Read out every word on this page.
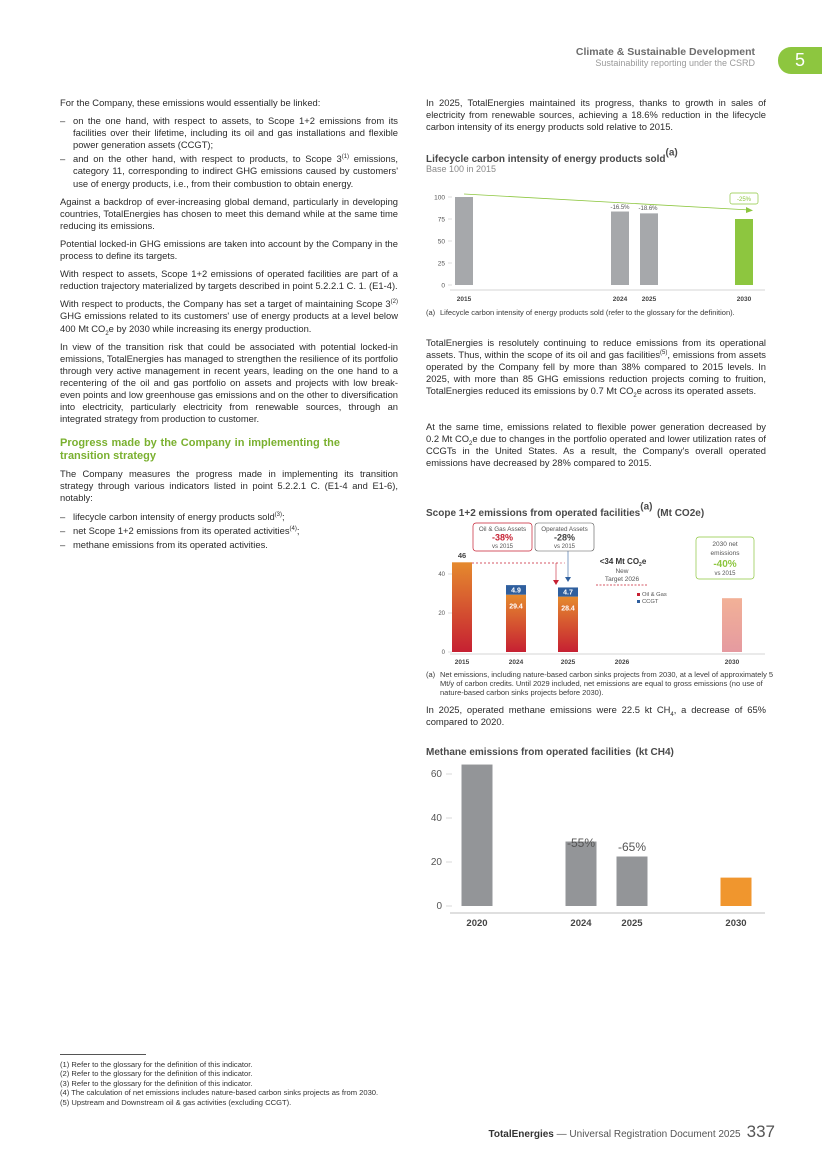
Climate & Sustainable Development
Sustainability reporting under the CSRD	5

For the Company, these emissions would essentially be linked:

– on the one hand, with respect to assets, to Scope 1+2 emissions from its facilities over their lifetime, including its oil and gas installations and flexible power generation assets (CCGT);
– and on the other hand, with respect to products, to Scope 3$^{(1)}$ emissions, category 11, corresponding to indirect GHG emissions caused by customers' use of energy products, i.e., from their combustion to obtain energy.

Against a backdrop of ever-increasing global demand, particularly in developing countries, TotalEnergies has chosen to meet this demand while at the same time reducing its emissions.

Potential locked-in GHG emissions are taken into account by the Company in the process to define its targets.

With respect to assets, Scope 1+2 emissions of operated facilities are part of a reduction trajectory materialized by targets described in point 5.2.2.1 C. 1. (E1-4).

With respect to products, the Company has set a target of maintaining Scope 3$^{(2)}$ GHG emissions related to its customers' use of energy products at a level below 400 Mt $CO_2e$ by 2030 while increasing its energy production.

In view of the transition risk that could be associated with potential locked-in emissions, TotalEnergies has managed to strengthen the resilience of its portfolio through very active management in recent years, leading on the one hand to a recentering of the oil and gas portfolio on assets and projects with low break-even points and low greenhouse gas emissions and on the other to diversification into electricity, particularly electricity from renewable sources, through an integrated strategy from production to customer.

Progress made by the Company in implementing the transition strategy

The Company measures the progress made in implementing its transition strategy through various indicators listed in point 5.2.2.1 C. (E1-4 and E1-6), notably:

– lifecycle carbon intensity of energy products sold$^{(3)}$;
– net Scope 1+2 emissions from its operated activities$^{(4)}$;
– methane emissions from its operated activities.
In 2025, TotalEnergies maintained its progress, thanks to growth in sales of electricity from renewable sources, achieving a 18.6% reduction in the lifecycle carbon intensity of its energy products sold relative to 2015.
Lifecycle carbon intensity of energy products sold$^{(a)}$
Base 100 in 2015
100
75
50
25
0
-16.5% -18.6%
-25%
2015	2024 2025	2030
(a) Lifecycle carbon intensity of energy products sold (refer to the glossary for the definition).
TotalEnergies is resolutely continuing to reduce emissions from its operational assets. Thus, within the scope of its oil and gas facilities$^{(5)}$, emissions from assets operated by the Company fell by more than 38% compared to 2015 levels. In 2025, with more than 85 GHG emissions reduction projects coming to fruition, TotalEnergies reduced its emissions by 0.7 Mt $CO_2e$ across its operated assets.
At the same time, emissions related to flexible power generation decreased by 0.2 Mt $CO_2e$ due to changes in the portfolio operated and lower utilization rates of CCGTs in the United States. As a result, the Company's overall operated emissions have decreased by 28% compared to 2015.
Scope 1+2 emissions from operated facilities$^{(a)}$ (Mt CO2e)
40
20
0
29.4
4.9
28.4
4.7
46
Oil & Gas Assets
-38%
vs 2015
Operated Assets
-28%
vs 2015
<34 Mt $CO_2e$
New
Target 2026
Oil & Gas
CCGT
2030 net
emissions
-40%
vs 2015
2015	2024	2025	2026	2030
(a) Net emissions, including nature-based carbon sinks projects from 2030, at a level of approximately 5 Mt/y of carbon credits. Until 2029 included, net emissions are equal to gross emissions (no use of nature-based carbon sinks projects before 2030).
In 2025, operated methane emissions were 22.5 kt $CH_4$, a decrease of 65% compared to 2020.
Methane emissions from operated facilities (kt CH4)
60
40
20
0
-55% -65%
-80%
2020	2024	2025	2030
(1) Refer to the glossary for the definition of this indicator.
(2) Refer to the glossary for the definition of this indicator.
(3) Refer to the glossary for the definition of this indicator.
(4) The calculation of net emissions includes nature-based carbon sinks projects as from 2030.
(5) Upstream and Downstream oil & gas activities (excluding CCGT).
TotalEnergies — Universal Registration Document 2025 337
